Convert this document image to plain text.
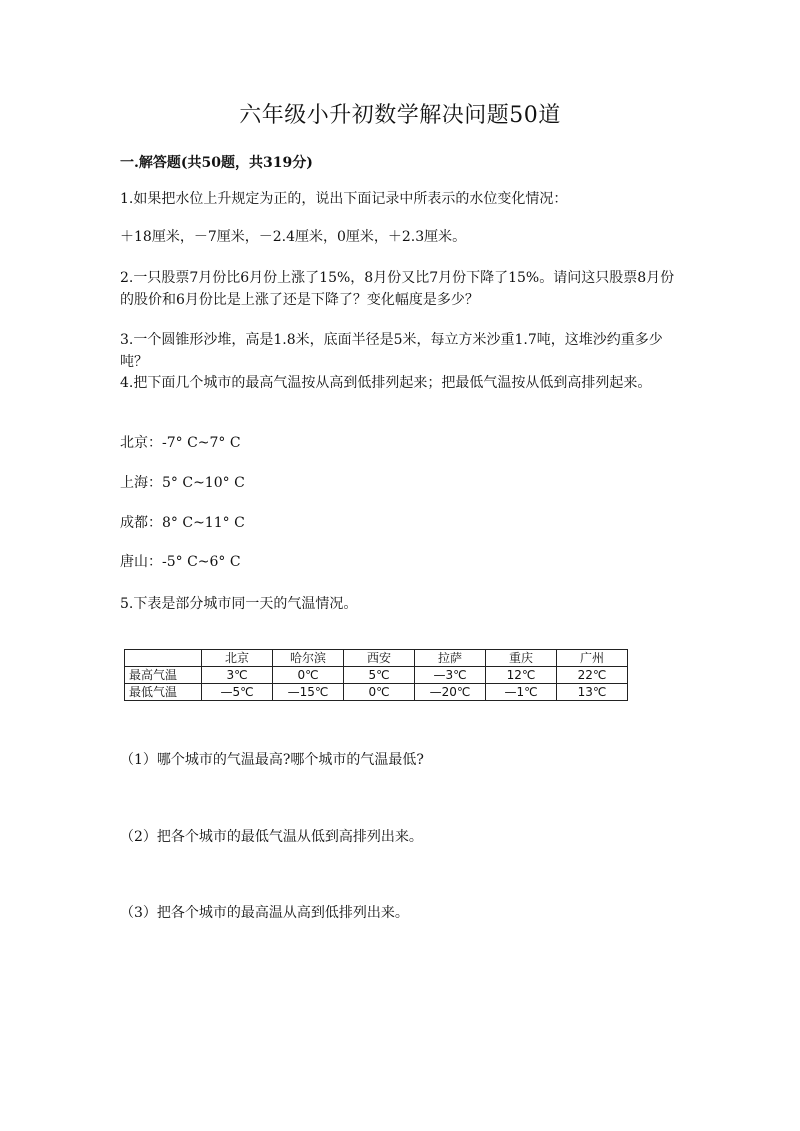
六年级小升初数学解决问题50道
一.解答题(共50题，共319分)
1.如果把水位上升规定为正的，说出下面记录中所表示的水位变化情况：
＋18厘米，－7厘米，－2.4厘米，0厘米，＋2.3厘米。
2.一只股票7月份比6月份上涨了15%，8月份又比7月份下降了15%。请问这只股票8月份的股价和6月份比是上涨了还是下降了？变化幅度是多少？
3.一个圆锥形沙堆，高是1.8米，底面半径是5米，每立方米沙重1.7吨，这堆沙约重多少吨？
4.把下面几个城市的最高气温按从高到低排列起来；把最低气温按从低到高排列起来。
北京：-7° C~7° C
上海：5° C~10° C
成都：8° C~11° C
唐山：-5° C~6° C
5.下表是部分城市同一天的气温情况。
	北京	哈尔滨	西安	拉萨	重庆	广州
最高气温	3℃	0℃	5℃	—3℃	12℃	22℃
最低气温	—5℃	—15℃	0℃	—20℃	—1℃	13℃
（1）哪个城市的气温最高?哪个城市的气温最低?
（2）把各个城市的最低气温从低到高排列出来。
（3）把各个城市的最高温从高到低排列出来。
